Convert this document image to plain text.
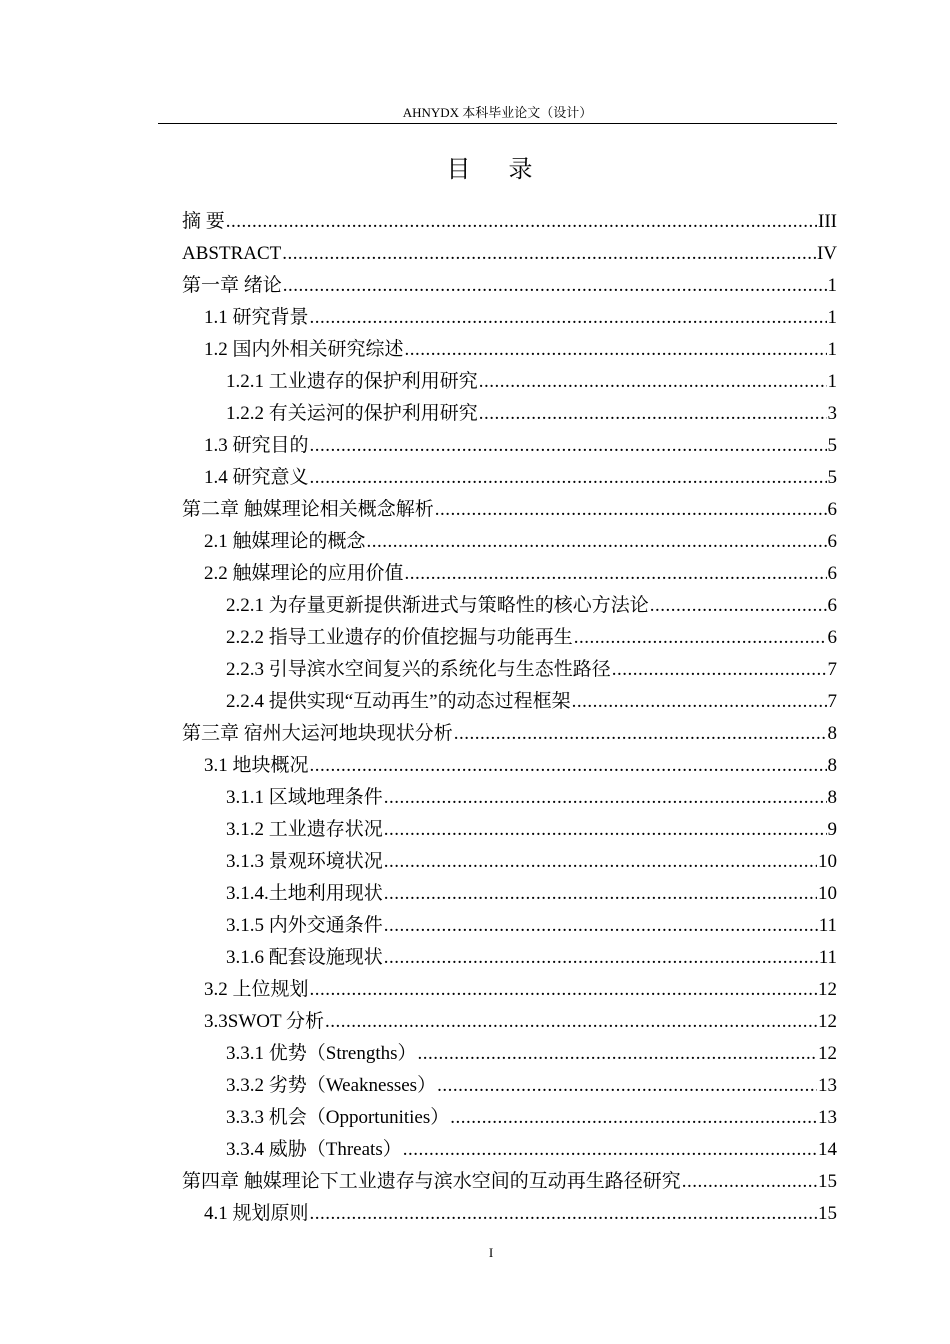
AHNYDX 本科毕业论文（设计）
目 录
摘 要 .....	III
ABSTRACT .....	IV
第一章 绪论 .....	1
1.1 研究背景 .....	1
1.2 国内外相关研究综述 .....	1
1.2.1 工业遗存的保护利用研究 .....	1
1.2.2 有关运河的保护利用研究 .....	3
1.3 研究目的 .....	5
1.4 研究意义 .....	5
第二章 触媒理论相关概念解析 .....	6
2.1 触媒理论的概念 .....	6
2.2 触媒理论的应用价值 .....	6
2.2.1 为存量更新提供渐进式与策略性的核心方法论 .....	6
2.2.2 指导工业遗存的价值挖掘与功能再生 .....	6
2.2.3 引导滨水空间复兴的系统化与生态性路径 .....	7
2.2.4 提供实现“互动再生”的动态过程框架 .....	7
第三章 宿州大运河地块现状分析 .....	8
3.1 地块概况 .....	8
3.1.1 区域地理条件 .....	8
3.1.2 工业遗存状况 .....	9
3.1.3 景观环境状况 .....	10
3.1.4.土地利用现状 .....	10
3.1.5 内外交通条件 .....	11
3.1.6 配套设施现状 .....	11
3.2 上位规划 .....	12
3.3SWOT 分析 .....	12
3.3.1 优势（Strengths） .....	12
3.3.2 劣势（Weaknesses） .....	13
3.3.3 机会（Opportunities） .....	13
3.3.4 威胁（Threats） .....	14
第四章 触媒理论下工业遗存与滨水空间的互动再生路径研究 .....	15
4.1 规划原则 .....	15
I
